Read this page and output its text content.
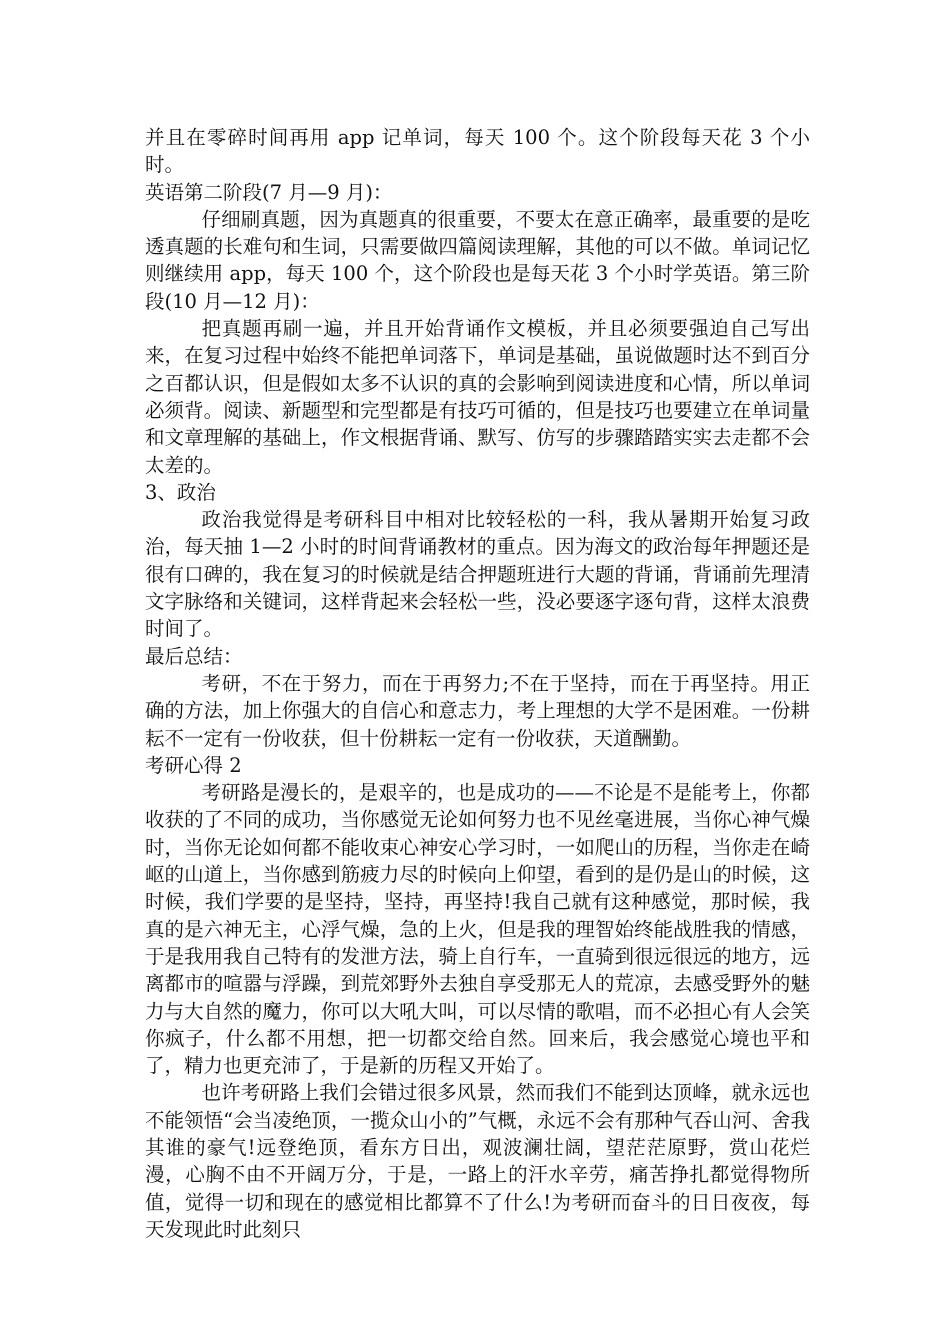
并且在零碎时间再用 app 记单词，每天 100 个。这个阶段每天花 3 个小时。

英语第二阶段(7 月—9 月)：

仔细刷真题，因为真题真的很重要，不要太在意正确率，最重要的是吃透真题的长难句和生词，只需要做四篇阅读理解，其他的可以不做。单词记忆则继续用 app，每天 100 个，这个阶段也是每天花 3 个小时学英语。第三阶段(10 月—12 月)：

把真题再刷一遍，并且开始背诵作文模板，并且必须要强迫自己写出来，在复习过程中始终不能把单词落下，单词是基础，虽说做题时达不到百分之百都认识，但是假如太多不认识的真的会影响到阅读进度和心情，所以单词必须背。阅读、新题型和完型都是有技巧可循的，但是技巧也要建立在单词量和文章理解的基础上，作文根据背诵、默写、仿写的步骤踏踏实实去走都不会太差的。

3、政治

政治我觉得是考研科目中相对比较轻松的一科，我从暑期开始复习政治，每天抽 1—2 小时的时间背诵教材的重点。因为海文的政治每年押题还是很有口碑的，我在复习的时候就是结合押题班进行大题的背诵，背诵前先理清文字脉络和关键词，这样背起来会轻松一些，没必要逐字逐句背，这样太浪费时间了。

最后总结：

考研，不在于努力，而在于再努力;不在于坚持，而在于再坚持。用正确的方法，加上你强大的自信心和意志力，考上理想的大学不是困难。一份耕耘不一定有一份收获，但十份耕耘一定有一份收获，天道酬勤。

考研心得 2

考研路是漫长的，是艰辛的，也是成功的——不论是不是能考上，你都收获的了不同的成功，当你感觉无论如何努力也不见丝毫进展，当你心神气燥时，当你无论如何都不能收束心神安心学习时，一如爬山的历程，当你走在崎岖的山道上，当你感到筋疲力尽的时候向上仰望，看到的是仍是山的时候，这时候，我们学要的是坚持，坚持，再坚持!我自己就有这种感觉，那时候，我真的是六神无主，心浮气燥，急的上火，但是我的理智始终能战胜我的情感，于是我用我自己特有的发泄方法，骑上自行车，一直骑到很远很远的地方，远离都市的喧嚣与浮躁，到荒郊野外去独自享受那无人的荒凉，去感受野外的魅力与大自然的魔力，你可以大吼大叫，可以尽情的歌唱，而不必担心有人会笑你疯子，什么都不用想，把一切都交给自然。回来后，我会感觉心境也平和了，精力也更充沛了，于是新的历程又开始了。

也许考研路上我们会错过很多风景，然而我们不能到达顶峰，就永远也不能领悟“会当凌绝顶，一揽众山小的”气概，永远不会有那种气吞山河、舍我其谁的豪气!远登绝顶，看东方日出，观波澜壮阔，望茫茫原野，赏山花烂漫，心胸不由不开阔万分，于是，一路上的汗水辛劳，痛苦挣扎都觉得物所值，觉得一切和现在的感觉相比都算不了什么!为考研而奋斗的日日夜夜，每天发现此时此刻只
